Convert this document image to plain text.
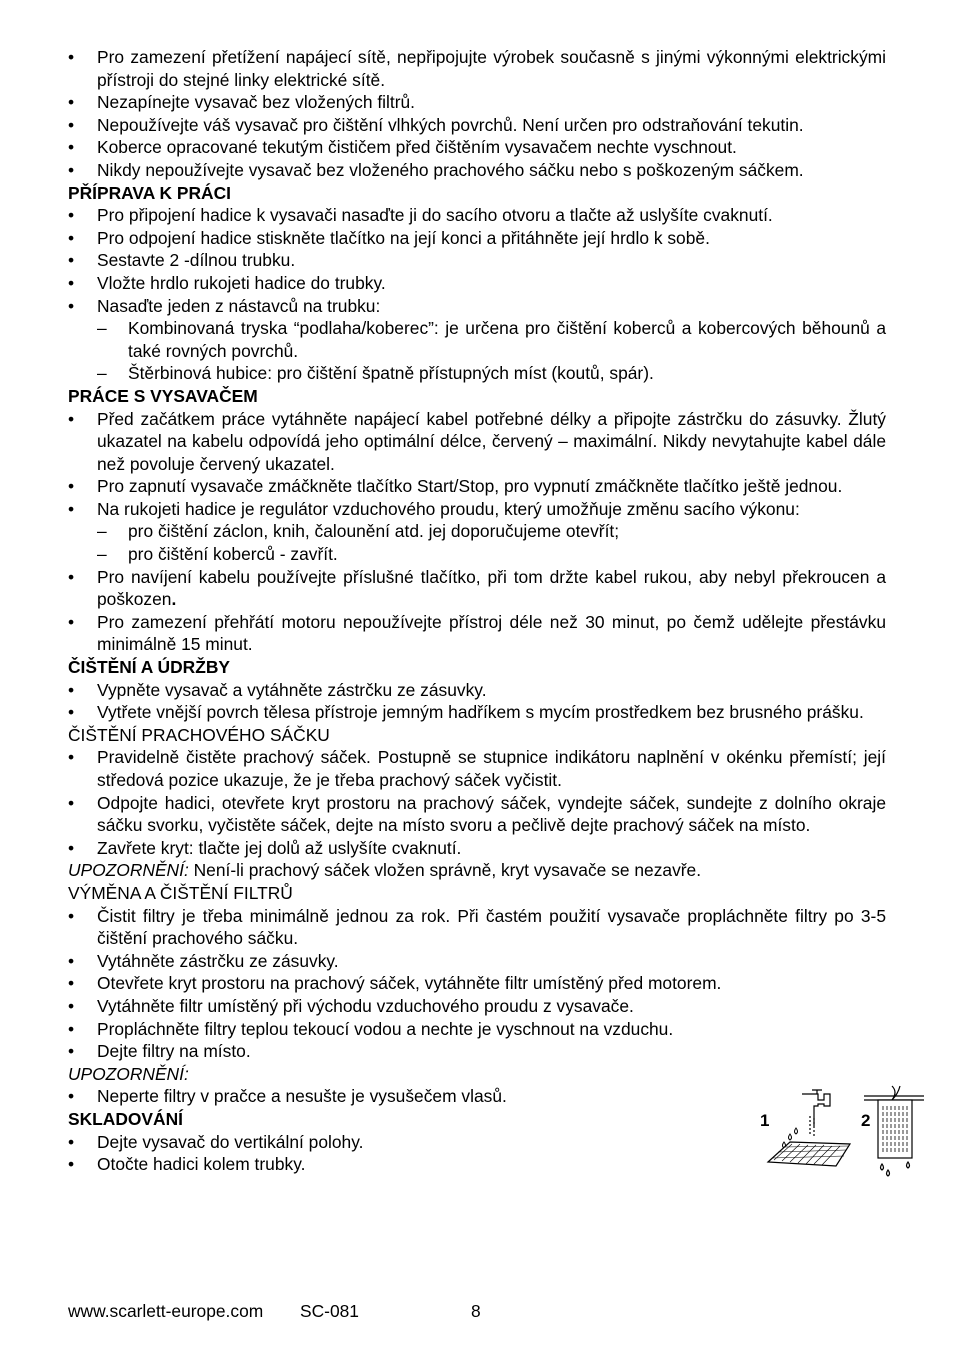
• Pro zamezení přetížení napájecí sítě, nepřipojujte výrobek současně s jinými výkonnými elektrickými přístroji do stejné linky elektrické sítě.
• Nezapínejte vysavač bez vložených filtrů.
• Nepoužívejte váš vysavač pro čištění vlhkých povrchů. Není určen pro odstraňování tekutin.
• Koberce opracované tekutým čističem před čištěním vysavačem nechte vyschnout.
• Nikdy nepoužívejte vysavač bez vloženého prachového sáčku nebo s poškozeným sáčkem.
PŘÍPRAVA K PRÁCI
• Pro připojení hadice k vysavači nasaďte ji do sacího otvoru a tlačte až uslyšíte cvaknutí.
• Pro odpojení hadice stiskněte tlačítko na její konci a přitáhněte její hrdlo k sobě.
• Sestavte 2 -dílnou trubku.
• Vložte hrdlo rukojeti hadice do trubky.
• Nasaďte jeden z nástavců na trubku:
– Kombinovaná tryska “podlaha/koberec”: je určena pro čištění koberců a kobercových běhounů a také rovných povrchů.
– Štěrbinová hubice: pro čištění špatně přístupných míst (koutů, spár).
PRÁCE S VYSAVAČEM
• Před začátkem práce vytáhněte napájecí kabel potřebné délky a připojte zástrčku do zásuvky. Žlutý ukazatel na kabelu odpovídá jeho optimální délce, červený – maximální. Nikdy nevytahujte kabel dále než povoluje červený ukazatel.
• Pro zapnutí vysavače zmáčkněte tlačítko Start/Stop, pro vypnutí zmáčkněte tlačítko ještě jednou.
• Na rukojeti hadice je regulátor vzduchového proudu, který umožňuje změnu sacího výkonu:
– pro čištění záclon, knih, čalounění atd. jej doporučujeme otevřít;
– pro čištění koberců - zavřít.
• Pro navíjení kabelu používejte příslušné tlačítko, při tom držte kabel rukou, aby nebyl překroucen a poškozen.
• Pro zamezení přehřátí motoru nepoužívejte přístroj déle než 30 minut, po čemž udělejte přestávku minimálně 15 minut.
ČIŠTĚNÍ A ÚDRŽBY
• Vypněte vysavač a vytáhněte zástrčku ze zásuvky.
• Vytřete vnější povrch tělesa přístroje jemným hadříkem s mycím prostředkem bez brusného prášku.
ČIŠTĚNÍ PRACHOVÉHO SÁČKU
• Pravidelně čistěte prachový sáček. Postupně se stupnice indikátoru naplnění v okénku přemístí; její středová pozice ukazuje, že je třeba prachový sáček vyčistit.
• Odpojte hadici, otevřete kryt prostoru na prachový sáček, vyndejte sáček, sundejte z dolního okraje sáčku svorku, vyčistěte sáček, dejte na místo svoru a pečlivě dejte prachový sáček na místo.
• Zavřete kryt: tlačte jej dolů až uslyšíte cvaknutí.
UPOZORNĚNÍ: Není-li prachový sáček vložen správně, kryt vysavače se nezavře.
VÝMĚNA A ČIŠTĚNÍ FILTRŮ
• Čistit filtry je třeba minimálně jednou za rok. Při častém použití vysavače propláchněte filtry po 3-5 čištění prachového sáčku.
• Vytáhněte zástrčku ze zásuvky.
• Otevřete kryt prostoru na prachový sáček, vytáhněte filtr umístěný před motorem.
• Vytáhněte filtr umístěný při východu vzduchového proudu z vysavače.
• Propláchněte filtry teplou tekoucí vodou a nechte je vyschnout na vzduchu.
• Dejte filtry na místo.
UPOZORNĚNÍ:
• Neperte filtry v pračce a nesušte je vysušečem vlasů.
SKLADOVÁNÍ
• Dejte vysavač do vertikální polohy.
• Otočte hadici kolem trubky.
1	2
www.scarlett-europe.com SC-081	8
